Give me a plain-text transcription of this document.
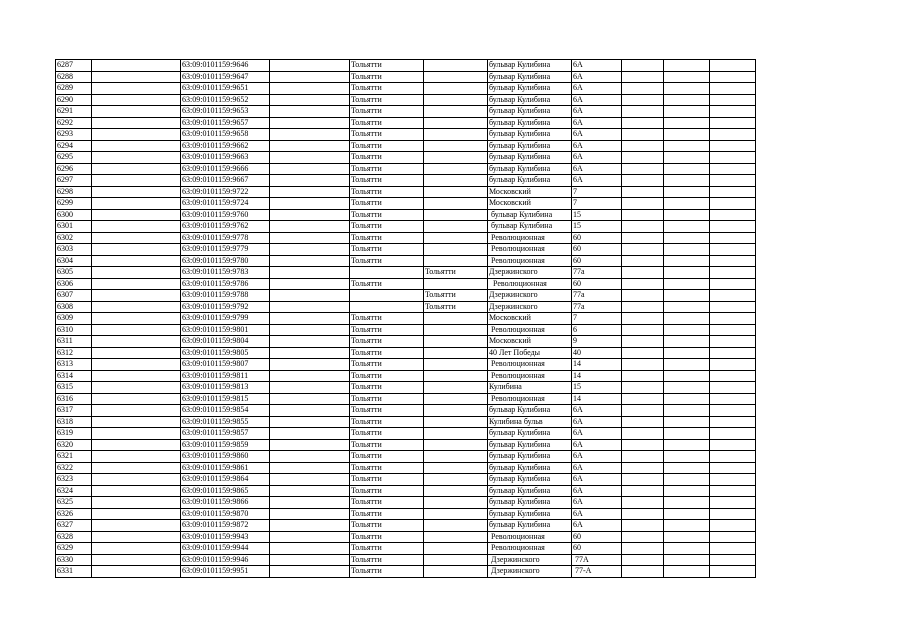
6287		63:09:0101159:9646		Тольятти		бульвар Кулибина	6А			
6288		63:09:0101159:9647		Тольятти		бульвар Кулибина	6А			
6289		63:09:0101159:9651		Тольятти		бульвар Кулибина	6А			
6290		63:09:0101159:9652		Тольятти		бульвар Кулибина	6А			
6291		63:09:0101159:9653		Тольятти		бульвар Кулибина	6А			
6292		63:09:0101159:9657		Тольятти		бульвар Кулибина	6А			
6293		63:09:0101159:9658		Тольятти		бульвар Кулибина	6А			
6294		63:09:0101159:9662		Тольятти		бульвар Кулибина	6А			
6295		63:09:0101159:9663		Тольятти		бульвар Кулибина	6А			
6296		63:09:0101159:9666		Тольятти		бульвар Кулибина	6А			
6297		63:09:0101159:9667		Тольятти		бульвар Кулибина	6А			
6298		63:09:0101159:9722		Тольятти		Московский	7			
6299		63:09:0101159:9724		Тольятти		Московский	7			
6300		63:09:0101159:9760		Тольятти		бульвар Кулибина	15			
6301		63:09:0101159:9762		Тольятти		бульвар Кулибина	15			
6302		63:09:0101159:9778		Тольятти		Революционная	60			
6303		63:09:0101159:9779		Тольятти		Революционная	60			
6304		63:09:0101159:9780		Тольятти		Революционная	60			
6305		63:09:0101159:9783			Тольятти	Дзержинского	77а			
6306		63:09:0101159:9786		Тольятти		Революционная	60			
6307		63:09:0101159:9788			Тольятти	Дзержинского	77а			
6308		63:09:0101159:9792			Тольятти	Дзержинского	77а			
6309		63:09:0101159:9799		Тольятти		Московский	7			
6310		63:09:0101159:9801		Тольятти		Революционная	6			
6311		63:09:0101159:9804		Тольятти		Московский	9			
6312		63:09:0101159:9805		Тольятти		40 Лет Победы	40			
6313		63:09:0101159:9807		Тольятти		Революционная	14			
6314		63:09:0101159:9811		Тольятти		Революционная	14			
6315		63:09:0101159:9813		Тольятти		Кулибина	15			
6316		63:09:0101159:9815		Тольятти		Революционная	14			
6317		63:09:0101159:9854		Тольятти		бульвар Кулибина	6А			
6318		63:09:0101159:9855		Тольятти		Кулибина бульв	6А			
6319		63:09:0101159:9857		Тольятти		бульвар Кулибина	6А			
6320		63:09:0101159:9859		Тольятти		бульвар Кулибина	6А			
6321		63:09:0101159:9860		Тольятти		бульвар Кулибина	6А			
6322		63:09:0101159:9861		Тольятти		бульвар Кулибина	6А			
6323		63:09:0101159:9864		Тольятти		бульвар Кулибина	6А			
6324		63:09:0101159:9865		Тольятти		бульвар Кулибина	6А			
6325		63:09:0101159:9866		Тольятти		бульвар Кулибина	6А			
6326		63:09:0101159:9870		Тольятти		бульвар Кулибина	6А			
6327		63:09:0101159:9872		Тольятти		бульвар Кулибина	6А			
6328		63:09:0101159:9943		Тольятти		Революционная	60			
6329		63:09:0101159:9944		Тольятти		Революционная	60			
6330		63:09:0101159:9946		Тольятти		Дзержинского	77А			
6331		63:09:0101159:9951		Тольятти		Дзержинского	77-А			
